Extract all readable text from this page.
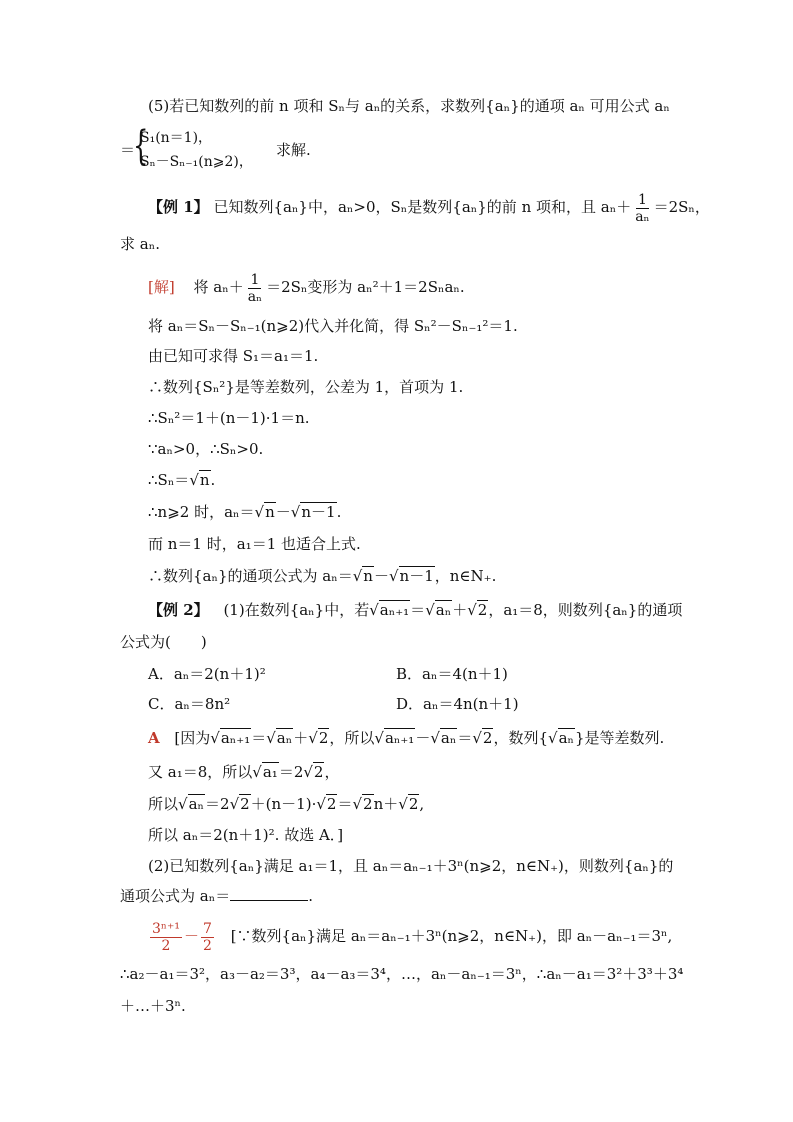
(5)若已知数列的前 n 项和 Sₙ与 aₙ的关系，求数列{aₙ}的通项 aₙ 可用公式 aₙ
＝
{
S₁(n＝1)，
Sₙ－Sₙ₋₁(n⩾2)，
求解.
【例 1】 已知数列{aₙ}中，aₙ>0，Sₙ是数列{aₙ}的前 n 项和，且 $a_n+ \frac{1}{\text{aₙ}} =2S_n$，
求 aₙ.
[解] 将 $a_n+ \frac{1}{\text{aₙ}} =2S_n$变形为 aₙ²＋1＝2Sₙaₙ.
将 aₙ＝Sₙ－Sₙ₋₁(n⩾2)代入并化简，得 Sₙ²－Sₙ₋₁²＝1.
由已知可求得 S₁＝a₁＝1.
∴数列{Sₙ²}是等差数列，公差为 1，首项为 1.
∴Sₙ²＝1＋(n－1)·1＝n.
∵aₙ>0，∴Sₙ>0.
∴Sₙ＝√n.
∴n⩾2 时，aₙ＝√n－√n－1.
而 n＝1 时，a₁＝1 也适合上式.
∴数列{aₙ}的通项公式为 aₙ＝√n－√n－1，n∈N₊.
【例 2】 (1)在数列{aₙ}中，若√aₙ₊₁＝√aₙ＋√2，a₁＝8，则数列{aₙ}的通项
公式为(　　)
A．aₙ＝2(n＋1)²	B．aₙ＝4(n＋1)
C．aₙ＝8n²	D．aₙ＝4n(n＋1)
A [因为√aₙ₊₁＝√aₙ＋√2，所以√aₙ₊₁－√aₙ＝√2，数列{√aₙ}是等差数列.
又 a₁＝8，所以√a₁＝2√2，
所以√aₙ＝2√2＋(n－1)·√2＝√2n＋√2,
所以 aₙ＝2(n＋1)². 故选 A．]
(2)已知数列{aₙ}满足 a₁＝1，且 aₙ＝aₙ₋₁＋3ⁿ(n⩾2，n∈N₊)，则数列{aₙ}的
通项公式为 aₙ＝	.
$\frac{\text{3ⁿ⁺¹}}{2} - \frac{7}{2}$ [∵数列{aₙ}满足 aₙ＝aₙ₋₁＋3ⁿ(n⩾2，n∈N₊)，即 aₙ－aₙ₋₁＝3ⁿ,
∴a₂－a₁＝3²，a₃－a₂＝3³，a₄－a₃＝3⁴，…，aₙ－aₙ₋₁＝3ⁿ，∴aₙ－a₁＝3²＋3³＋3⁴
＋…＋3ⁿ.
